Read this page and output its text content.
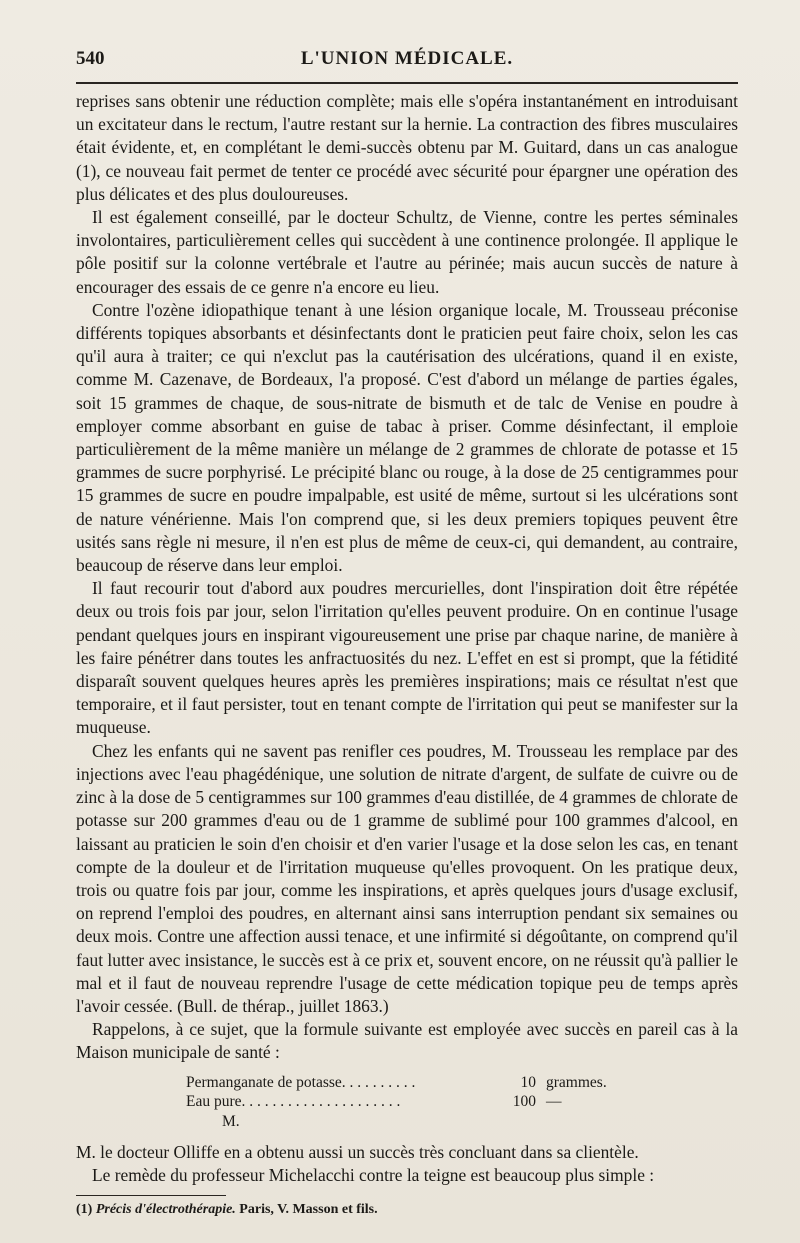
540	L'UNION MÉDICALE.

reprises sans obtenir une réduction complète; mais elle s'opéra instantanément en introduisant un excitateur dans le rectum, l'autre restant sur la hernie. La contraction des fibres musculaires était évidente, et, en complétant le demi-succès obtenu par M. Guitard, dans un cas analogue (1), ce nouveau fait permet de tenter ce procédé avec sécurité pour épargner une opération des plus délicates et des plus douloureuses.

Il est également conseillé, par le docteur Schultz, de Vienne, contre les pertes séminales involontaires, particulièrement celles qui succèdent à une continence prolongée. Il applique le pôle positif sur la colonne vertébrale et l'autre au périnée; mais aucun succès de nature à encourager des essais de ce genre n'a encore eu lieu.

Contre l'ozène idiopathique tenant à une lésion organique locale, M. Trousseau préconise différents topiques absorbants et désinfectants dont le praticien peut faire choix, selon les cas qu'il aura à traiter; ce qui n'exclut pas la cautérisation des ulcérations, quand il en existe, comme M. Cazenave, de Bordeaux, l'a proposé. C'est d'abord un mélange de parties égales, soit 15 grammes de chaque, de sous-nitrate de bismuth et de talc de Venise en poudre à employer comme absorbant en guise de tabac à priser. Comme désinfectant, il emploie particulièrement de la même manière un mélange de 2 grammes de chlorate de potasse et 15 grammes de sucre porphyrisé. Le précipité blanc ou rouge, à la dose de 25 centigrammes pour 15 grammes de sucre en poudre impalpable, est usité de même, surtout si les ulcérations sont de nature vénérienne. Mais l'on comprend que, si les deux premiers topiques peuvent être usités sans règle ni mesure, il n'en est plus de même de ceux-ci, qui demandent, au contraire, beaucoup de réserve dans leur emploi.

Il faut recourir tout d'abord aux poudres mercurielles, dont l'inspiration doit être répétée deux ou trois fois par jour, selon l'irritation qu'elles peuvent produire. On en continue l'usage pendant quelques jours en inspirant vigoureusement une prise par chaque narine, de manière à les faire pénétrer dans toutes les anfractuosités du nez. L'effet en est si prompt, que la fétidité disparaît souvent quelques heures après les premières inspirations; mais ce résultat n'est que temporaire, et il faut persister, tout en tenant compte de l'irritation qui peut se manifester sur la muqueuse.

Chez les enfants qui ne savent pas renifler ces poudres, M. Trousseau les remplace par des injections avec l'eau phagédénique, une solution de nitrate d'argent, de sulfate de cuivre ou de zinc à la dose de 5 centigrammes sur 100 grammes d'eau distillée, de 4 grammes de chlorate de potasse sur 200 grammes d'eau ou de 1 gramme de sublimé pour 100 grammes d'alcool, en laissant au praticien le soin d'en choisir et d'en varier l'usage et la dose selon les cas, en tenant compte de la douleur et de l'irritation muqueuse qu'elles provoquent. On les pratique deux, trois ou quatre fois par jour, comme les inspirations, et après quelques jours d'usage exclusif, on reprend l'emploi des poudres, en alternant ainsi sans interruption pendant six semaines ou deux mois. Contre une affection aussi tenace, et une infirmité si dégoûtante, on comprend qu'il faut lutter avec insistance, le succès est à ce prix et, souvent encore, on ne réussit qu'à pallier le mal et il faut de nouveau reprendre l'usage de cette médication topique peu de temps après l'avoir cessée. (Bull. de thérap., juillet 1863.)

Rappelons, à ce sujet, que la formule suivante est employée avec succès en pareil cas à la Maison municipale de santé :

Permanganate de potasse. . . . . . . . . .	10 grammes.
Eau pure. . . . . . . . . . . . . . . . . . . . .	100 —
M.

M. le docteur Olliffe en a obtenu aussi un succès très concluant dans sa clientèle.

Le remède du professeur Michelacchi contre la teigne est beaucoup plus simple :

(1) Précis d'électrothérapie. Paris, V. Masson et fils.
